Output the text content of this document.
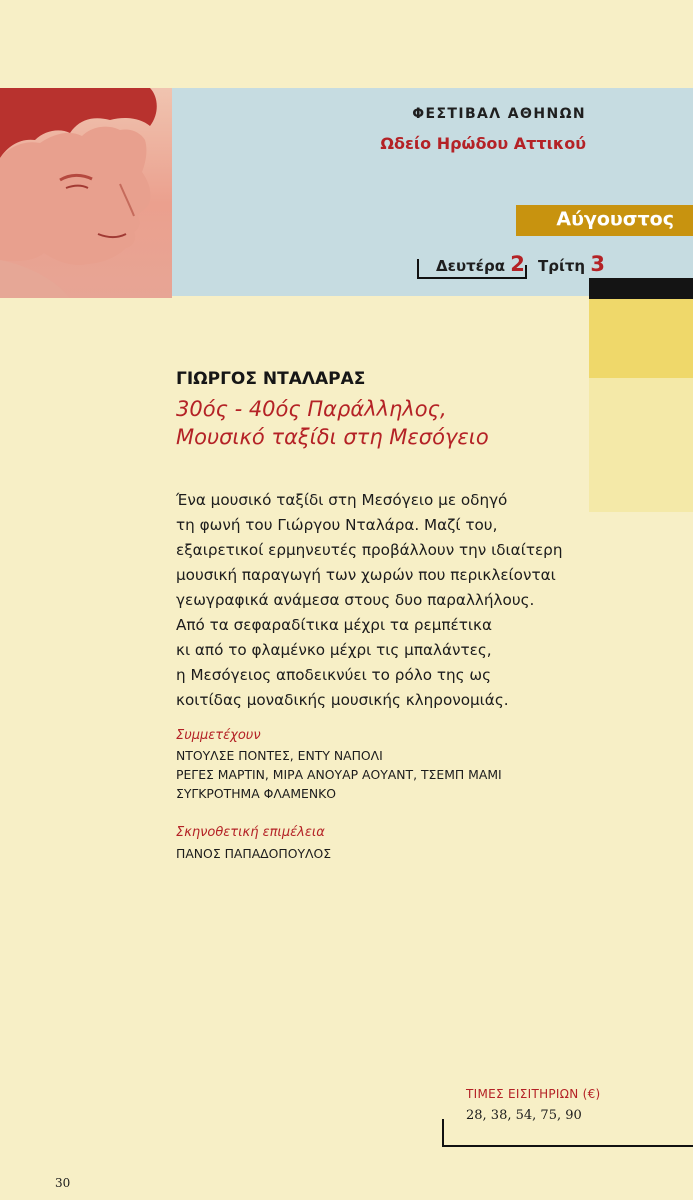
ΦΕΣΤΙΒΑΛ ΑΘΗΝΩΝ
Ωδείο Ηρώδου Αττικού
Αύγουστος
Δευτέρα 2 Τρίτη 3
ΓΙΩΡΓΟΣ ΝΤΑΛΑΡΑΣ
30ός - 40ός Παράλληλος,
Μουσικό ταξίδι στη Μεσόγειο
Ένα μουσικό ταξίδι στη Μεσόγειο με οδηγό
τη φωνή του Γιώργου Νταλάρα. Μαζί του,
εξαιρετικοί ερμηνευτές προβάλλουν την ιδιαίτερη
μουσική παραγωγή των χωρών που περικλείονται
γεωγραφικά ανάμεσα στους δυο παραλλήλους.
Από τα σεφαραδίτικα μέχρι τα ρεμπέτικα
κι από το φλαμένκο μέχρι τις μπαλάντες,
η Μεσόγειος αποδεικνύει το ρόλο της ως
κοιτίδας μοναδικής μουσικής κληρονομιάς.
Συμμετέχουν
ΝΤΟΥΛΣΕ ΠΟΝΤΕΣ, ΕΝΤΥ ΝΑΠΟΛΙ
ΡΕΓΕΣ ΜΑΡΤΙΝ, ΜΙΡΑ ΑΝΟΥΑΡ ΑΟΥΑΝΤ, ΤΣΕΜΠ ΜΑΜΙ
ΣΥΓΚΡΟΤΗΜΑ ΦΛΑΜΕΝΚΟ
Σκηνοθετική επιμέλεια
ΠΑΝΟΣ ΠΑΠΑΔΟΠΟΥΛΟΣ
ΤΙΜΕΣ ΕΙΣΙΤΗΡΙΩΝ (€)
28, 38, 54, 75, 90
30
